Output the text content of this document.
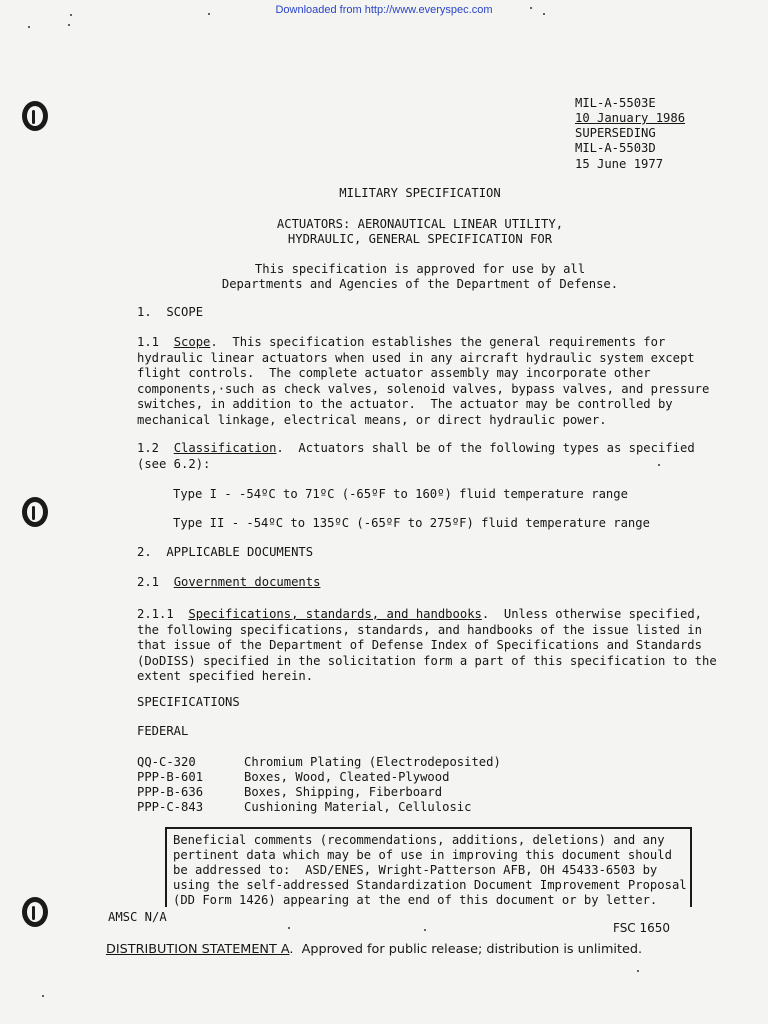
Downloaded from http://www.everyspec.com
MIL-A-5503E
10 January 1986
SUPERSEDING
MIL-A-5503D
15 June 1977
MILITARY SPECIFICATION
ACTUATORS: AERONAUTICAL LINEAR UTILITY,
HYDRAULIC, GENERAL SPECIFICATION FOR
This specification is approved for use by all
Departments and Agencies of the Department of Defense.
1.  SCOPE
1.1  Scope.  This specification establishes the general requirements for
hydraulic linear actuators when used in any aircraft hydraulic system except
flight controls.  The complete actuator assembly may incorporate other
components,·such as check valves, solenoid valves, bypass valves, and pressure
switches, in addition to the actuator.  The actuator may be controlled by
mechanical linkage, electrical means, or direct hydraulic power.
1.2  Classification.  Actuators shall be of the following types as specified
(see 6.2):
Type I - -54ºC to 71ºC (-65ºF to 160º) fluid temperature range
Type II - -54ºC to 135ºC (-65ºF to 275ºF) fluid temperature range
2.  APPLICABLE DOCUMENTS
2.1  Government documents
2.1.1  Specifications, standards, and handbooks.  Unless otherwise specified,
the following specifications, standards, and handbooks of the issue listed in
that issue of the Department of Defense Index of Specifications and Standards
(DoDISS) specified in the solicitation form a part of this specification to the
extent specified herein.
SPECIFICATIONS
FEDERAL
QQ-C-320	Chromium Plating (Electrodeposited)
PPP-B-601	Boxes, Wood, Cleated-Plywood
PPP-B-636	Boxes, Shipping, Fiberboard
PPP-C-843	Cushioning Material, Cellulosic
Beneficial comments (recommendations, additions, deletions) and any
pertinent data which may be of use in improving this document should
be addressed to:  ASD/ENES, Wright-Patterson AFB, OH 45433-6503 by
using the self-addressed Standardization Document Improvement Proposal
(DD Form 1426) appearing at the end of this document or by letter.
AMSC N/A
FSC 1650
DISTRIBUTION STATEMENT A.  Approved for public release; distribution is unlimited.
